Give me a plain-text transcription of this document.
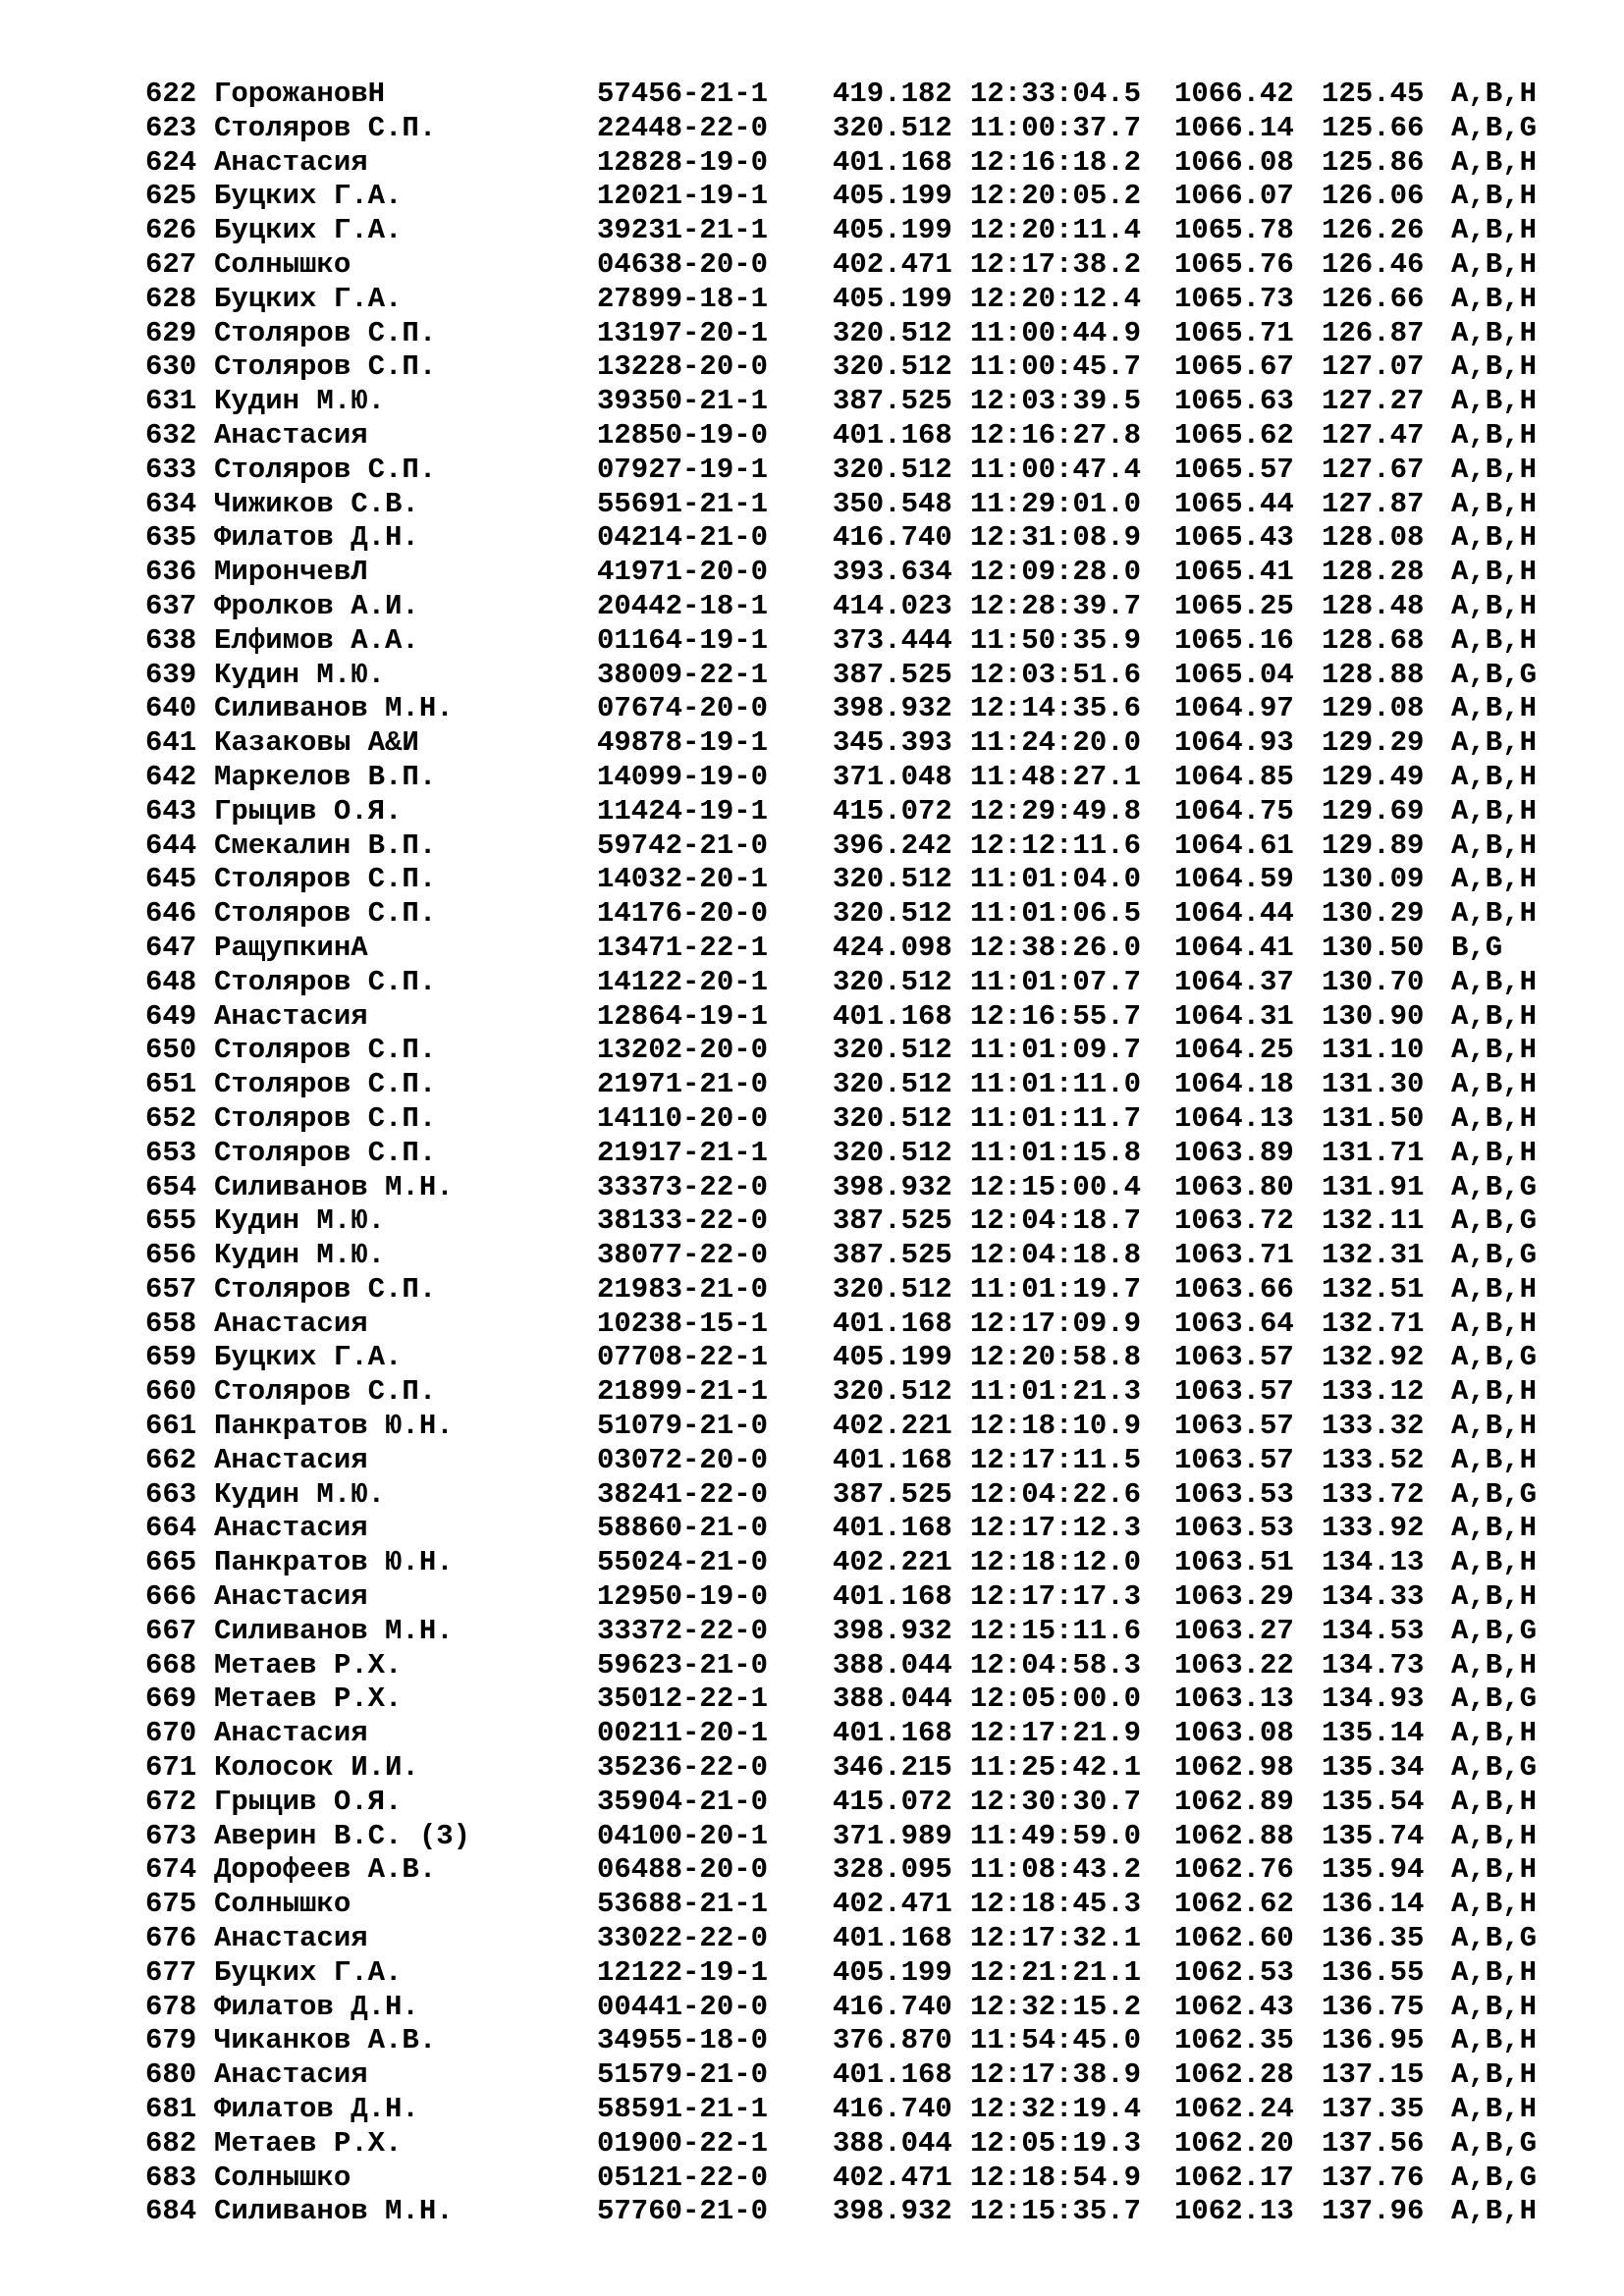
622 ГорожановН	57456-21-1 419.182 12:33:04.5 1066.42 125.45 A,B,H
623 Столяров С.П.	22448-22-0 320.512 11:00:37.7 1066.14 125.66 A,B,G
624 Анастасия	12828-19-0 401.168 12:16:18.2 1066.08 125.86 A,B,H
625 Буцких Г.А.	12021-19-1 405.199 12:20:05.2 1066.07 126.06 A,B,H
626 Буцких Г.А.	39231-21-1 405.199 12:20:11.4 1065.78 126.26 A,B,H
627 Солнышко	04638-20-0 402.471 12:17:38.2 1065.76 126.46 A,B,H
628 Буцких Г.А.	27899-18-1 405.199 12:20:12.4 1065.73 126.66 A,B,H
629 Столяров С.П.	13197-20-1 320.512 11:00:44.9 1065.71 126.87 A,B,H
630 Столяров С.П.	13228-20-0 320.512 11:00:45.7 1065.67 127.07 A,B,H
631 Кудин М.Ю.	39350-21-1 387.525 12:03:39.5 1065.63 127.27 A,B,H
632 Анастасия	12850-19-0 401.168 12:16:27.8 1065.62 127.47 A,B,H
633 Столяров С.П.	07927-19-1 320.512 11:00:47.4 1065.57 127.67 A,B,H
634 Чижиков С.В.	55691-21-1 350.548 11:29:01.0 1065.44 127.87 A,B,H
635 Филатов Д.Н.	04214-21-0 416.740 12:31:08.9 1065.43 128.08 A,B,H
636 МирончевЛ	41971-20-0 393.634 12:09:28.0 1065.41 128.28 A,B,H
637 Фролков А.И.	20442-18-1 414.023 12:28:39.7 1065.25 128.48 A,B,H
638 Елфимов А.А.	01164-19-1 373.444 11:50:35.9 1065.16 128.68 A,B,H
639 Кудин М.Ю.	38009-22-1 387.525 12:03:51.6 1065.04 128.88 A,B,G
640 Силиванов М.Н.	07674-20-0 398.932 12:14:35.6 1064.97 129.08 A,B,H
641 Казаковы А&И	49878-19-1 345.393 11:24:20.0 1064.93 129.29 A,B,H
642 Маркелов В.П.	14099-19-0 371.048 11:48:27.1 1064.85 129.49 A,B,H
643 Грыцив О.Я.	11424-19-1 415.072 12:29:49.8 1064.75 129.69 A,B,H
644 Смекалин В.П.	59742-21-0 396.242 12:12:11.6 1064.61 129.89 A,B,H
645 Столяров С.П.	14032-20-1 320.512 11:01:04.0 1064.59 130.09 A,B,H
646 Столяров С.П.	14176-20-0 320.512 11:01:06.5 1064.44 130.29 A,B,H
647 РащупкинА	13471-22-1 424.098 12:38:26.0 1064.41 130.50 B,G
648 Столяров С.П.	14122-20-1 320.512 11:01:07.7 1064.37 130.70 A,B,H
649 Анастасия	12864-19-1 401.168 12:16:55.7 1064.31 130.90 A,B,H
650 Столяров С.П.	13202-20-0 320.512 11:01:09.7 1064.25 131.10 A,B,H
651 Столяров С.П.	21971-21-0 320.512 11:01:11.0 1064.18 131.30 A,B,H
652 Столяров С.П.	14110-20-0 320.512 11:01:11.7 1064.13 131.50 A,B,H
653 Столяров С.П.	21917-21-1 320.512 11:01:15.8 1063.89 131.71 A,B,H
654 Силиванов М.Н.	33373-22-0 398.932 12:15:00.4 1063.80 131.91 A,B,G
655 Кудин М.Ю.	38133-22-0 387.525 12:04:18.7 1063.72 132.11 A,B,G
656 Кудин М.Ю.	38077-22-0 387.525 12:04:18.8 1063.71 132.31 A,B,G
657 Столяров С.П.	21983-21-0 320.512 11:01:19.7 1063.66 132.51 A,B,H
658 Анастасия	10238-15-1 401.168 12:17:09.9 1063.64 132.71 A,B,H
659 Буцких Г.А.	07708-22-1 405.199 12:20:58.8 1063.57 132.92 A,B,G
660 Столяров С.П.	21899-21-1 320.512 11:01:21.3 1063.57 133.12 A,B,H
661 Панкратов Ю.Н.	51079-21-0 402.221 12:18:10.9 1063.57 133.32 A,B,H
662 Анастасия	03072-20-0 401.168 12:17:11.5 1063.57 133.52 A,B,H
663 Кудин М.Ю.	38241-22-0 387.525 12:04:22.6 1063.53 133.72 A,B,G
664 Анастасия	58860-21-0 401.168 12:17:12.3 1063.53 133.92 A,B,H
665 Панкратов Ю.Н.	55024-21-0 402.221 12:18:12.0 1063.51 134.13 A,B,H
666 Анастасия	12950-19-0 401.168 12:17:17.3 1063.29 134.33 A,B,H
667 Силиванов М.Н.	33372-22-0 398.932 12:15:11.6 1063.27 134.53 A,B,G
668 Метаев Р.Х.	59623-21-0 388.044 12:04:58.3 1063.22 134.73 A,B,H
669 Метаев Р.Х.	35012-22-1 388.044 12:05:00.0 1063.13 134.93 A,B,G
670 Анастасия	00211-20-1 401.168 12:17:21.9 1063.08 135.14 A,B,H
671 Колосок И.И.	35236-22-0 346.215 11:25:42.1 1062.98 135.34 A,B,G
672 Грыцив О.Я.	35904-21-0 415.072 12:30:30.7 1062.89 135.54 A,B,H
673 Аверин В.С. (3)	04100-20-1 371.989 11:49:59.0 1062.88 135.74 A,B,H
674 Дорофеев А.В.	06488-20-0 328.095 11:08:43.2 1062.76 135.94 A,B,H
675 Солнышко	53688-21-1 402.471 12:18:45.3 1062.62 136.14 A,B,H
676 Анастасия	33022-22-0 401.168 12:17:32.1 1062.60 136.35 A,B,G
677 Буцких Г.А.	12122-19-1 405.199 12:21:21.1 1062.53 136.55 A,B,H
678 Филатов Д.Н.	00441-20-0 416.740 12:32:15.2 1062.43 136.75 A,B,H
679 Чиканков А.В.	34955-18-0 376.870 11:54:45.0 1062.35 136.95 A,B,H
680 Анастасия	51579-21-0 401.168 12:17:38.9 1062.28 137.15 A,B,H
681 Филатов Д.Н.	58591-21-1 416.740 12:32:19.4 1062.24 137.35 A,B,H
682 Метаев Р.Х.	01900-22-1 388.044 12:05:19.3 1062.20 137.56 A,B,G
683 Солнышко	05121-22-0 402.471 12:18:54.9 1062.17 137.76 A,B,G
684 Силиванов М.Н.	57760-21-0 398.932 12:15:35.7 1062.13 137.96 A,B,H
